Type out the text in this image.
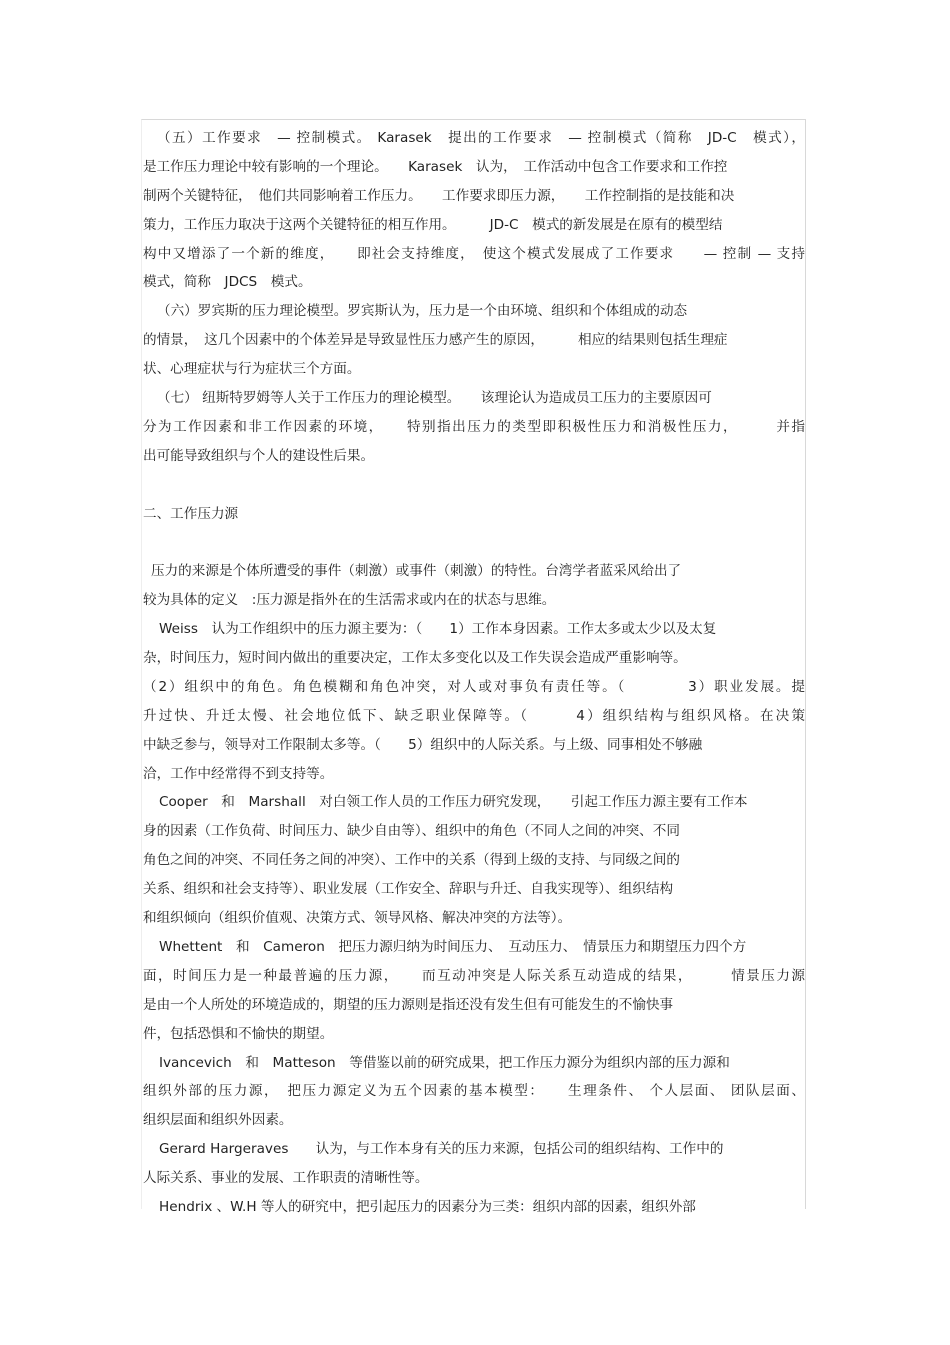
（五）工作要求　— 控制模式。 Karasek　提出的工作要求　— 控制模式（简称　JD-C　模式），
是工作压力理论中较有影响的一个理论。　　Karasek　认为，　工作活动中包含工作要求和工作控
制两个关键特征，　他们共同影响着工作压力。　　工作要求即压力源，　　工作控制指的是技能和决
策力，工作压力取决于这两个关键特征的相互作用。　　　JD-C　模式的新发展是在原有的模型结
构中又增添了一个新的维度，　　即社会支持维度，　使这个模式发展成了工作要求　　— 控制 — 支持
模式，简称　JDCS　模式。
（六）罗宾斯的压力理论模型。罗宾斯认为，压力是一个由环境、组织和个体组成的动态
的情景，　这几个因素中的个体差异是导致显性压力感产生的原因，　　　相应的结果则包括生理症
状、心理症状与行为症状三个方面。
（七） 纽斯特罗姆等人关于工作压力的理论模型。　　该理论认为造成员工压力的主要原因可
分为工作因素和非工作因素的环境，　　特别指出压力的类型即积极性压力和消极性压力，　　　并指
出可能导致组织与个人的建设性后果。
二、工作压力源
压力的来源是个体所遭受的事件（刺激）或事件（刺激）的特性。台湾学者蓝采风给出了
较为具体的定义　:压力源是指外在的生活需求或内在的状态与思维。
Weiss　认为工作组织中的压力源主要为：（　　1）工作本身因素。工作太多或太少以及太复
杂，时间压力，短时间内做出的重要决定，工作太多变化以及工作失误会造成严重影响等。
（2）组织中的角色。角色模糊和角色冲突，对人或对事负有责任等。（　　　　3）职业发展。提
升过快、升迁太慢、社会地位低下、缺乏职业保障等。（　　　4）组织结构与组织风格。在决策
中缺乏参与，领导对工作限制太多等。（　　5）组织中的人际关系。与上级、同事相处不够融
洽，工作中经常得不到支持等。
Cooper　和　Marshall　对白领工作人员的工作压力研究发现，　　引起工作压力源主要有工作本
身的因素（工作负荷、时间压力、缺少自由等）、组织中的角色（不同人之间的冲突、不同
角色之间的冲突、不同任务之间的冲突）、工作中的关系（得到上级的支持、与同级之间的
关系、组织和社会支持等）、职业发展（工作安全、辞职与升迁、自我实现等）、组织结构
和组织倾向（组织价值观、决策方式、领导风格、解决冲突的方法等）。
Whettent　和　Cameron　把压力源归纳为时间压力、　互动压力、　情景压力和期望压力四个方
面，时间压力是一种最普遍的压力源，　　而互动冲突是人际关系互动造成的结果，　　　情景压力源
是由一个人所处的环境造成的，期望的压力源则是指还没有发生但有可能发生的不愉快事
件，包括恐惧和不愉快的期望。
Ivancevich　和　Matteson　等借鉴以前的研究成果，把工作压力源分为组织内部的压力源和
组织外部的压力源，　把压力源定义为五个因素的基本模型：　　生理条件、 个人层面、 团队层面、
组织层面和组织外因素。
Gerard Hargeraves　　认为，与工作本身有关的压力来源，包括公司的组织结构、工作中的
人际关系、事业的发展、工作职责的清晰性等。
Hendrix 、W.H 等人的研究中，把引起压力的因素分为三类：组织内部的因素，组织外部
